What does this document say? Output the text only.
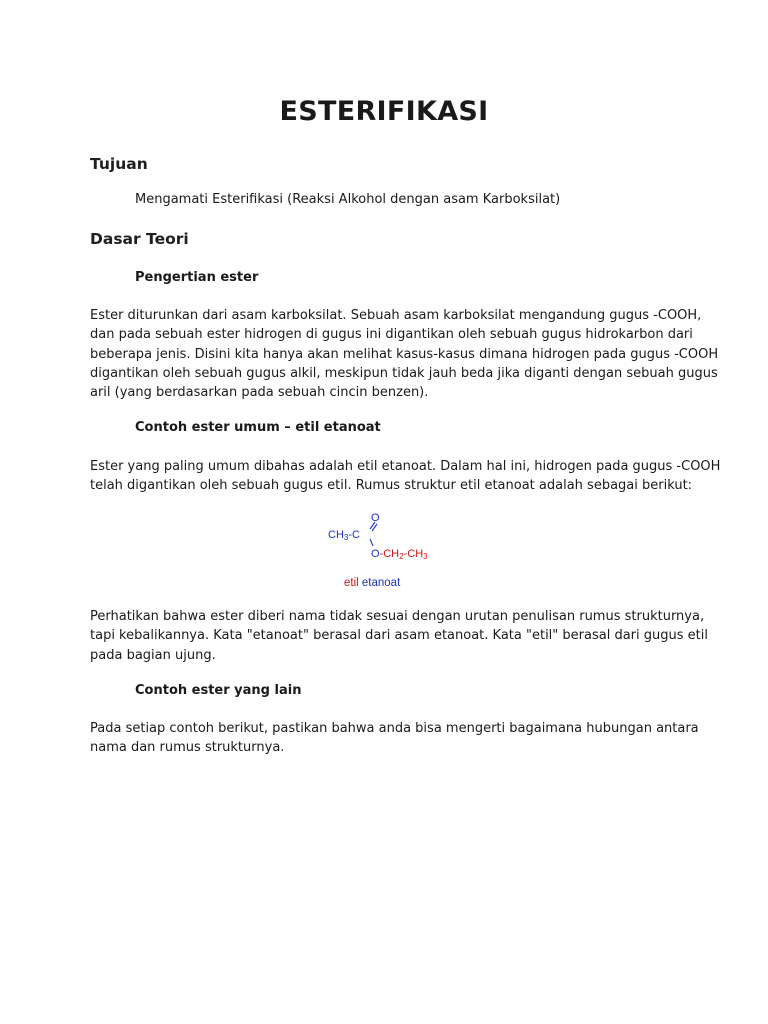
ESTERIFIKASI
Tujuan
Mengamati Esterifikasi (Reaksi Alkohol dengan asam Karboksilat)
Dasar Teori
Pengertian ester

Ester diturunkan dari asam karboksilat. Sebuah asam karboksilat mengandung gugus -COOH,

dan pada sebuah ester hidrogen di gugus ini digantikan oleh sebuah gugus hidrokarbon dari

beberapa jenis. Disini kita hanya akan melihat kasus-kasus dimana hidrogen pada gugus -COOH

digantikan oleh sebuah gugus alkil, meskipun tidak jauh beda jika diganti dengan sebuah gugus

aril (yang berdasarkan pada sebuah cincin benzen).

Contoh ester umum – etil etanoat

Ester yang paling umum dibahas adalah etil etanoat. Dalam hal ini, hidrogen pada gugus -COOH

telah digantikan oleh sebuah gugus etil. Rumus struktur etil etanoat adalah sebagai berikut:

CH3-C
O
O-CH2-CH3
etil etanoat

Perhatikan bahwa ester diberi nama tidak sesuai dengan urutan penulisan rumus strukturnya,

tapi kebalikannya. Kata "etanoat" berasal dari asam etanoat. Kata "etil" berasal dari gugus etil

pada bagian ujung.

Contoh ester yang lain

Pada setiap contoh berikut, pastikan bahwa anda bisa mengerti bagaimana hubungan antara

nama dan rumus strukturnya.
